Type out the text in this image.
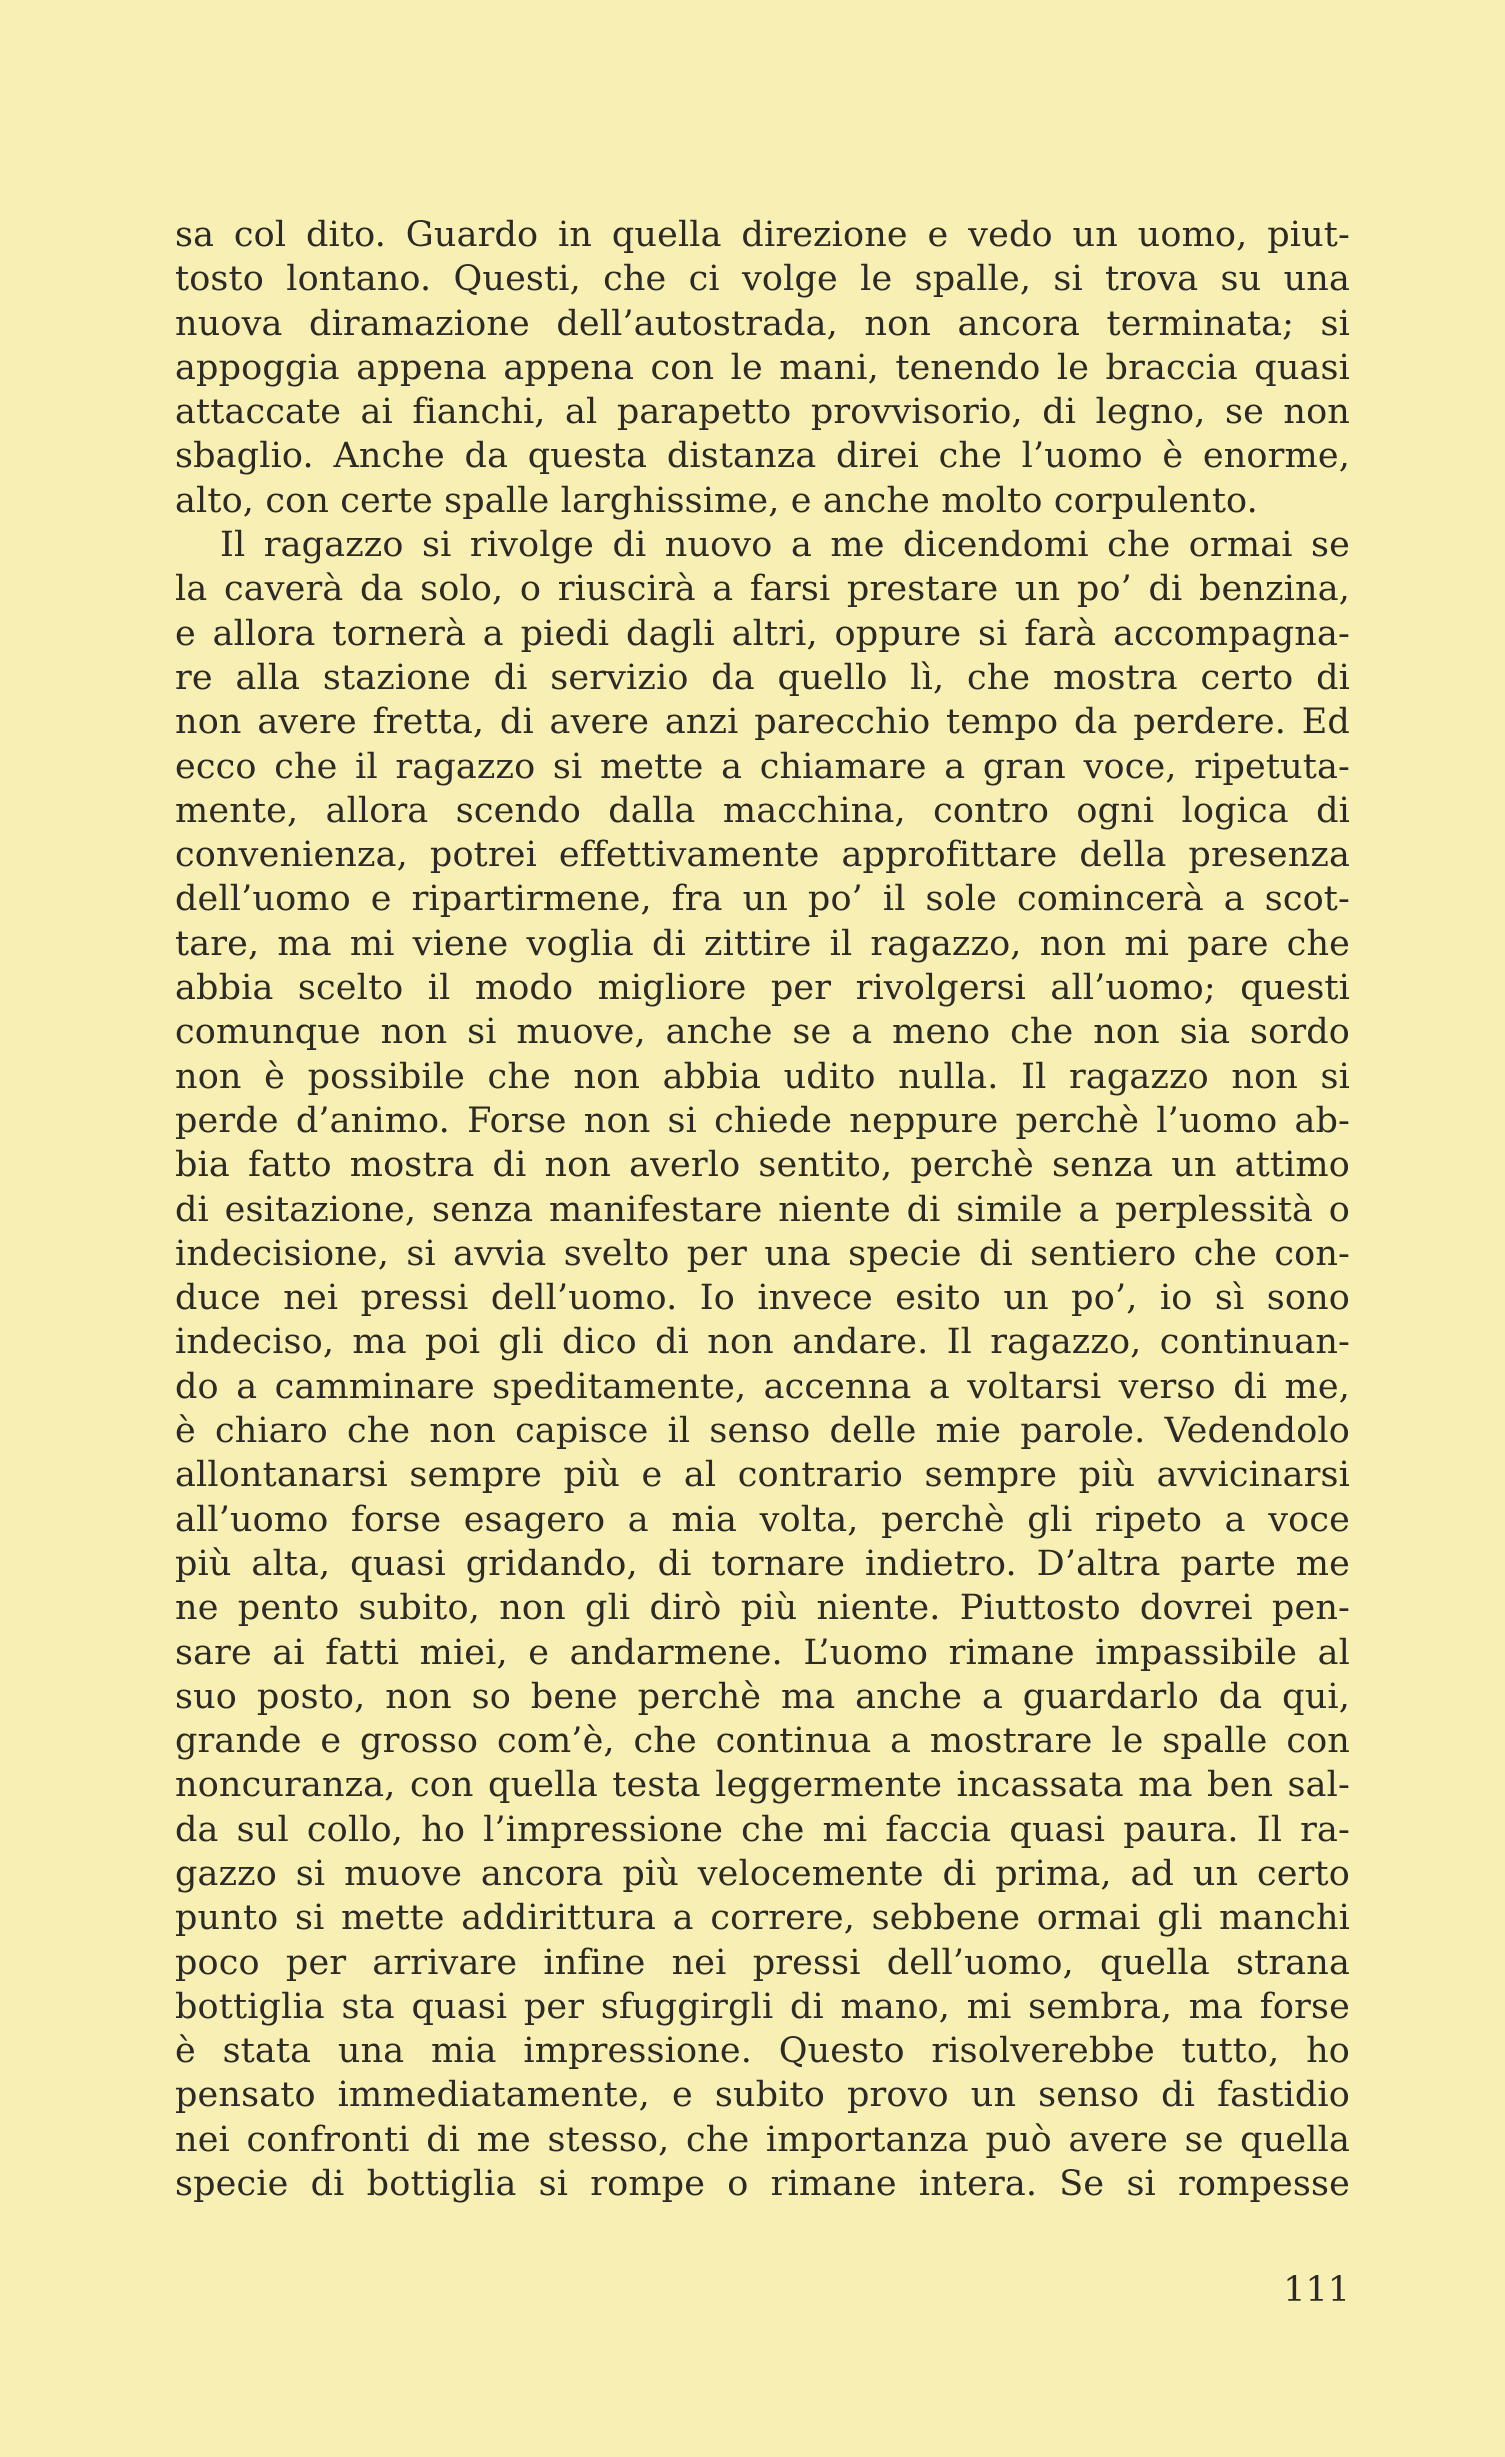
sa col dito. Guardo in quella direzione e vedo un uomo, piut-
tosto lontano. Questi, che ci volge le spalle, si trova su una
nuova diramazione dell’autostrada, non ancora terminata; si
appoggia appena appena con le mani, tenendo le braccia quasi
attaccate ai fianchi, al parapetto provvisorio, di legno, se non
sbaglio. Anche da questa distanza direi che l’uomo è enorme,
alto, con certe spalle larghissime, e anche molto corpulento.
Il ragazzo si rivolge di nuovo a me dicendomi che ormai se
la caverà da solo, o riuscirà a farsi prestare un po’ di benzina,
e allora tornerà a piedi dagli altri, oppure si farà accompagna-
re alla stazione di servizio da quello lì, che mostra certo di
non avere fretta, di avere anzi parecchio tempo da perdere. Ed
ecco che il ragazzo si mette a chiamare a gran voce, ripetuta-
mente, allora scendo dalla macchina, contro ogni logica di
convenienza, potrei effettivamente approfittare della presenza
dell’uomo e ripartirmene, fra un po’ il sole comincerà a scot-
tare, ma mi viene voglia di zittire il ragazzo, non mi pare che
abbia scelto il modo migliore per rivolgersi all’uomo; questi
comunque non si muove, anche se a meno che non sia sordo
non è possibile che non abbia udito nulla. Il ragazzo non si
perde d’animo. Forse non si chiede neppure perchè l’uomo ab-
bia fatto mostra di non averlo sentito, perchè senza un attimo
di esitazione, senza manifestare niente di simile a perplessità o
indecisione, si avvia svelto per una specie di sentiero che con-
duce nei pressi dell’uomo. Io invece esito un po’, io sì sono
indeciso, ma poi gli dico di non andare. Il ragazzo, continuan-
do a camminare speditamente, accenna a voltarsi verso di me,
è chiaro che non capisce il senso delle mie parole. Vedendolo
allontanarsi sempre più e al contrario sempre più avvicinarsi
all’uomo forse esagero a mia volta, perchè gli ripeto a voce
più alta, quasi gridando, di tornare indietro. D’altra parte me
ne pento subito, non gli dirò più niente. Piuttosto dovrei pen-
sare ai fatti miei, e andarmene. L’uomo rimane impassibile al
suo posto, non so bene perchè ma anche a guardarlo da qui,
grande e grosso com’è, che continua a mostrare le spalle con
noncuranza, con quella testa leggermente incassata ma ben sal-
da sul collo, ho l’impressione che mi faccia quasi paura. Il ra-
gazzo si muove ancora più velocemente di prima, ad un certo
punto si mette addirittura a correre, sebbene ormai gli manchi
poco per arrivare infine nei pressi dell’uomo, quella strana
bottiglia sta quasi per sfuggirgli di mano, mi sembra, ma forse
è stata una mia impressione. Questo risolverebbe tutto, ho
pensato immediatamente, e subito provo un senso di fastidio
nei confronti di me stesso, che importanza può avere se quella
specie di bottiglia si rompe o rimane intera. Se si rompesse
111
